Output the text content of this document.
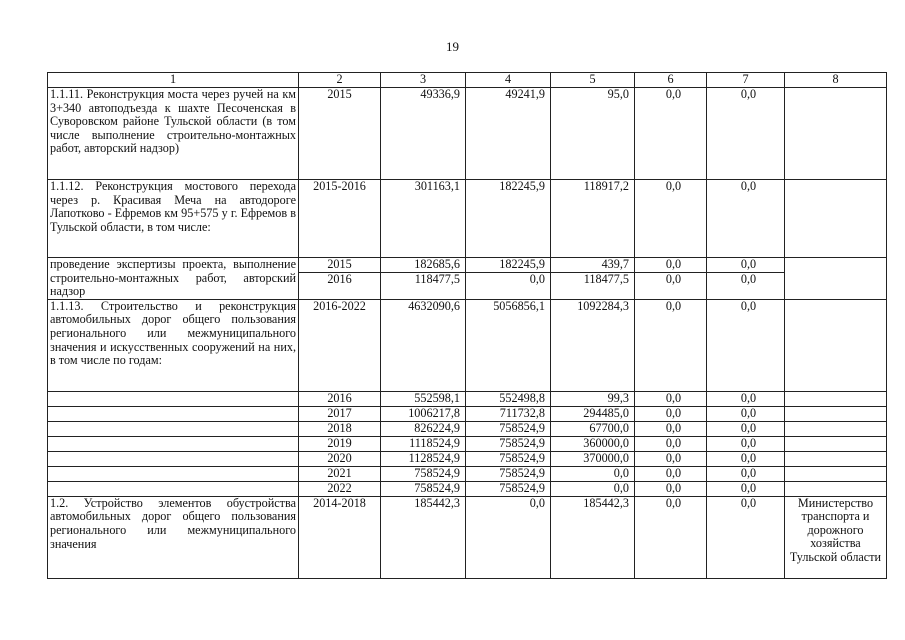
19
1	2	3	4	5	6	7	8
1.1.11. Реконструкция моста через ручей на км 3+340 автоподъезда к шахте Песоченская в Суворовском районе Тульской области (в том числе выполнение строительно-монтажных работ, авторский надзор)	2015	49336,9	49241,9	95,0	0,0	0,0	
1.1.12. Реконструкция мостового перехода через р. Красивая Меча на автодороге Лапотково - Ефремов км 95+575 у г. Ефремов в Тульской области, в том числе:	2015-2016	301163,1	182245,9	118917,2	0,0	0,0	
проведение экспертизы проекта, выполнение строительно-монтажных работ, авторский надзор	2015	182685,6	182245,9	439,7	0,0	0,0	
	2016	118477,5	0,0	118477,5	0,0	0,0	
1.1.13. Строительство и реконструкция автомобильных дорог общего пользования регионального или межмуниципального значения и искусственных сооружений на них, в том числе по годам:	2016-2022	4632090,6	5056856,1	1092284,3	0,0	0,0	
	2016	552598,1	552498,8	99,3	0,0	0,0	
	2017	1006217,8	711732,8	294485,0	0,0	0,0	
	2018	826224,9	758524,9	67700,0	0,0	0,0	
	2019	1118524,9	758524,9	360000,0	0,0	0,0	
	2020	1128524,9	758524,9	370000,0	0,0	0,0	
	2021	758524,9	758524,9	0,0	0,0	0,0	
	2022	758524,9	758524,9	0,0	0,0	0,0	
1.2. Устройство элементов обустройства автомобильных дорог общего пользования регионального или межмуниципального значения	2014-2018	185442,3	0,0	185442,3	0,0	0,0	Министерство транспорта и дорожного хозяйства Тульской области
